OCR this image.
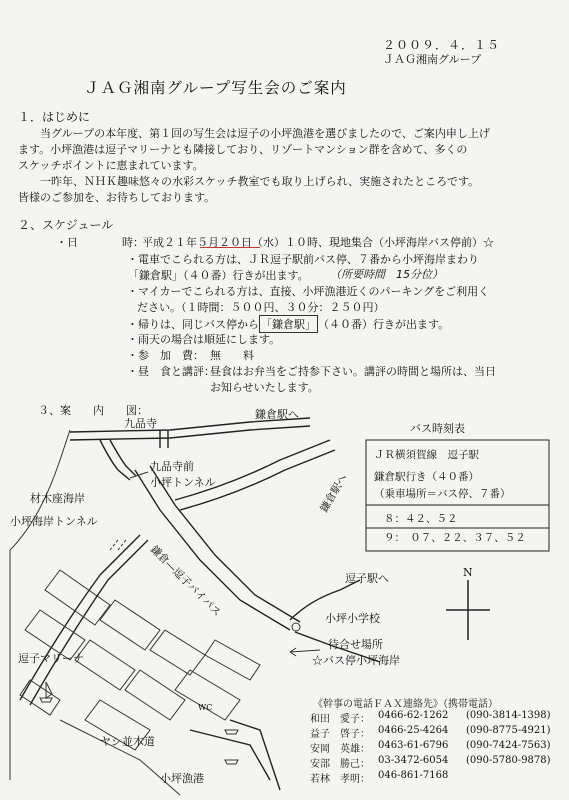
２００９．４．１５
ＪＡＧ湘南グループ
ＪＡＧ湘南グループ写生会のご案内
１．はじめに
当グループの本年度、第１回の写生会は逗子の小坪漁港を選びましたので、ご案内申し上げ
ます。小坪漁港は逗子マリーナとも隣接しており、リゾートマンション群を含めて、多くの
スケッチポイントに恵まれています。
一昨年、ＮＨＫ趣味悠々の水彩スケッチ教室でも取り上げられ、実施されたところです。
皆様のご参加を、お待ちしております。
２、スケジュール
・日　　　　時：
平成２１年５月２０日（水）１０時、現地集合（小坪海岸バス停前）☆
・電車でこられる方は、ＪＲ逗子駅前バス停、７番から小坪海岸まわり
「鎌倉駅」（４０番）行きが出ます。 （所要時間　15分位）
・マイカーでこられる方は、直接、小坪漁港近くのパーキングをご利用く
ださい。（１時間：５００円、３０分：２５０円）
・帰りは、同じバス停から 「鎌倉駅」 （４０番）行きが出ます。
・雨天の場合は順延にします。
・参　加　費： 無　　料
・昼　食と講評：
昼食はお弁当をご持参下さい。講評の時間と場所は、当日
お知らせいたします。
３、案　　内　　図：
九品寺
鎌倉駅へ
九品寺前
小坪トンネル
材木座海岸
小坪海岸トンネル
鎌倉駅へ
鎌倉―逗子バイパス	逗子駅へ
小坪小学校
待合せ場所
☆バス停小坪海岸
逗子マリーナ
ヤシ並木道
小坪漁港
WC
N
バス時刻表
ＪＲ横須賀線　逗子駅
鎌倉駅行き（４０番）
（乗車場所＝バス停、７番）
８：４２、５２
９：　０７、２２、３７、５２
《幹事の電話ＦＡＸ連絡先》（携帯電話）
和田　愛子： 0466-62-1262 (090-3814-1398)
益子　啓子： 0466-25-4264 (090-8775-4921)
安岡　英雄： 0463-61-6796 (090-7424-7563)
安部　勝己： 03-3472-6054 (090-5780-9878)
若林　孝明： 046-861-7168
